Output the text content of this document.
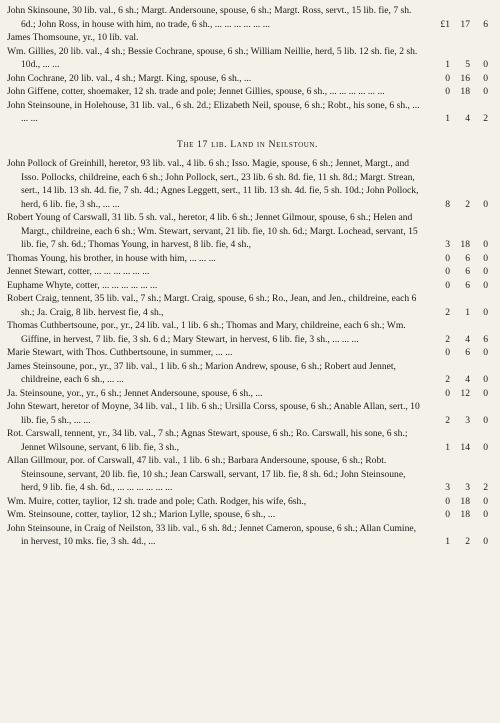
John Skinsoune, 30 lib. val., 6 sh.; Margt. Andersoune, spouse, 6 sh.; Margt. Ross, servt., 15 lib. fie, 7 sh. 6d.; John Ross, in house with him, no trade, 6 sh., ... ... ... ... ... ...	£1	17	6
James Thomsoune, yr., 10 lib. val.
Wm. Gillies, 20 lib. val., 4 sh.; Bessie Cochrane, spouse, 6 sh.; William Neillie, herd, 5 lib. 12 sh. fie, 2 sh. 10d., ... ...	1	5	0
John Cochrane, 20 lib. val., 4 sh.; Margt. King, spouse, 6 sh., ...	0	16	0
John Giffene, cotter, shoemaker, 12 sh. trade and pole; Jennet Gillies, spouse, 6 sh., ... ... ... ... ... ...	0	18	0
John Steinsoune, in Holehouse, 31 lib. val., 6 sh. 2d.; Elizabeth Neil, spouse, 6 sh.; Robt., his sone, 6 sh., ... ... ...	1	4	2
The 17 lib. Land in Neilstoun.
John Pollock of Greinhill, heretor, 93 lib. val., 4 lib. 6 sh.; Isso. Magie, spouse, 6 sh.; Jennet, Margt., and Isso. Pollocks, childreine, each 6 sh.; John Pollock, sert., 23 lib. 6 sh. 8d. fie, 11 sh. 8d.; Margt. Strean, sert., 14 lib. 13 sh. 4d. fie, 7 sh. 4d.; Agnes Leggett, sert., 11 lib. 13 sh. 4d. fie, 5 sh. 10d.; John Pollock, herd, 6 lib. fie, 3 sh., ... ...	8	2	0
Robert Young of Carswall, 31 lib. 5 sh. val., heretor, 4 lib. 6 sh.; Jennet Gilmour, spouse, 6 sh.; Helen and Margt., childreine, each 6 sh.; Wm. Stewart, servant, 21 lib. fie, 10 sh. 6d.; Margt. Lochead, servant, 15 lib. fie, 7 sh. 6d.; Thomas Young, in harvest, 8 lib. fie, 4 sh.,	3	18	0
Thomas Young, his brother, in house with him, ... ... ...	0	6	0
Jennet Stewart, cotter, ... ... ... ... ... ...	0	6	0
Euphame Whyte, cotter, ... ... ... ... ... ...	0	6	0
Robert Craig, tennent, 35 lib. val., 7 sh.; Margt. Craig, spouse, 6 sh.; Ro., Jean, and Jen., childreine, each 6 sh.; Ja. Craig, 8 lib. hervest fie, 4 sh.,	2	1	0
Thomas Cuthbertsoune, por., yr., 24 lib. val., 1 lib. 6 sh.; Thomas and Mary, childreine, each 6 sh.; Wm. Giffine, in hervest, 7 lib. fie, 3 sh. 6 d.; Mary Stewart, in hervest, 6 lib. fie, 3 sh., ... ... ...	2	4	6
Marie Stewart, with Thos. Cuthbertsoune, in summer, ... ...	0	6	0
James Steinsoune, por., yr., 37 lib. val., 1 lib. 6 sh.; Marion Andrew, spouse, 6 sh.; Robert aud Jennet, childreine, each 6 sh., ... ...	2	4	0
Ja. Steinsoune, yor., yr., 6 sh.; Jennet Andersoune, spouse, 6 sh., ...	0	12	0
John Stewart, heretor of Moyne, 34 lib. val., 1 lib. 6 sh.; Ursilla Corss, spouse, 6 sh.; Anable Allan, sert., 10 lib. fie, 5 sh., ... ...	2	3	0
Rot. Carswall, tennent, yr., 34 lib. val., 7 sh.; Agnas Stewart, spouse, 6 sh.; Ro. Carswall, his sone, 6 sh.; Jennet Wilsoune, servant, 6 lib. fie, 3 sh.,	1	14	0
Allan Gillmour, por. of Carswall, 47 lib. val., 1 lib. 6 sh.; Barbara Andersoune, spouse, 6 sh.; Robt. Steinsoune, servant, 20 lib. fie, 10 sh.; Jean Carswall, servant, 17 lib. fie, 8 sh. 6d.; John Steinsoune, herd, 9 lib. fie, 4 sh. 6d., ... ... ... ... ... ...	3	3	2
Wm. Muire, cotter, taylior, 12 sh. trade and pole; Cath. Rodger, his wife, 6sh.,	0	18	0
Wm. Steinsoune, cotter, taylior, 12 sh.; Marion Lylle, spouse, 6 sh., ...	0	18	0
John Steinsoune, in Craig of Neilston, 33 lib. val., 6 sh. 8d.; Jennet Cameron, spouse, 6 sh.; Allan Cumine, in hervest, 10 mks. fie, 3 sh. 4d., ...	1	2	0
